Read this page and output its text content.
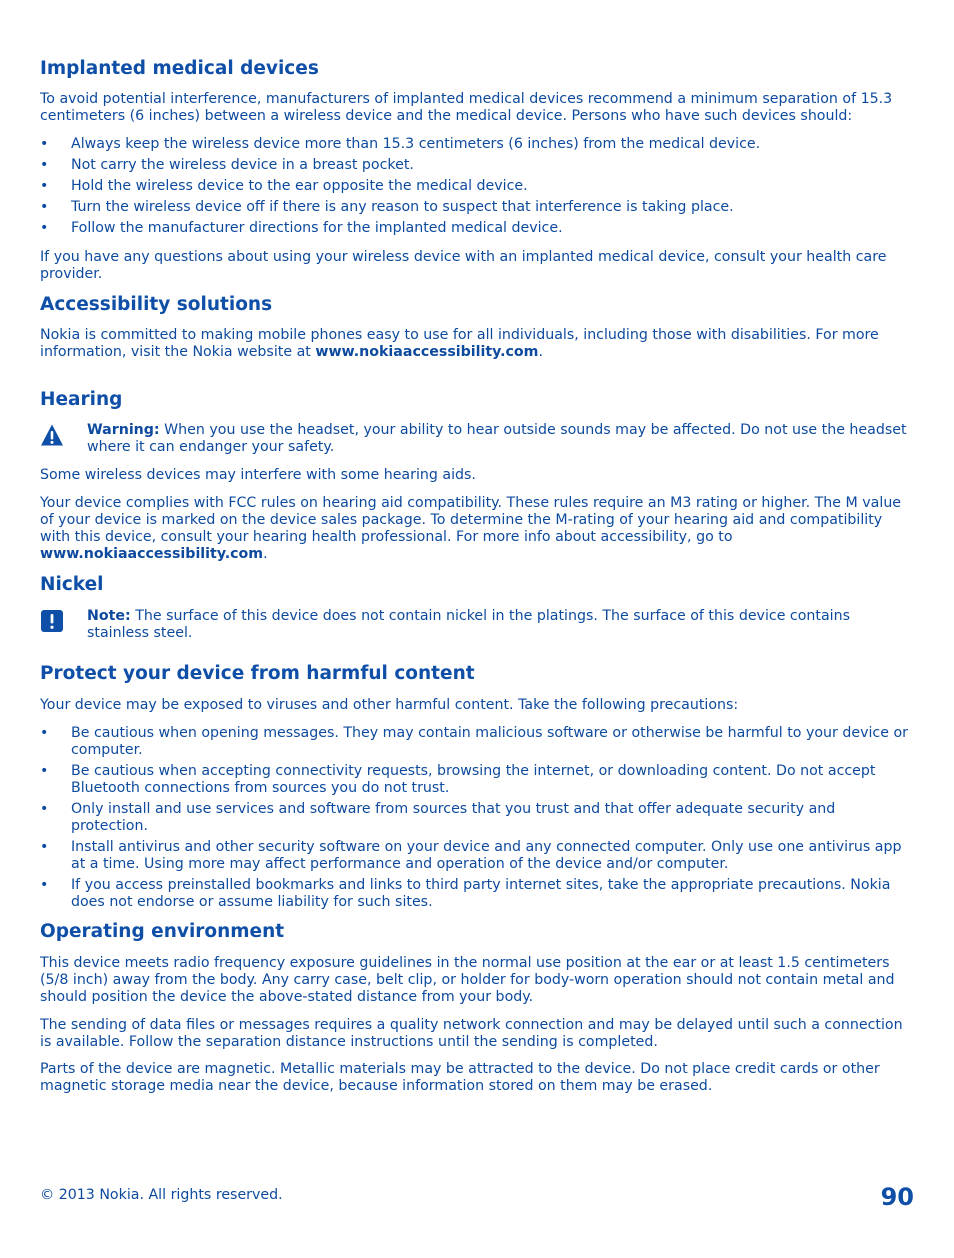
Implanted medical devices

To avoid potential interference, manufacturers of implanted medical devices recommend a minimum separation of 15.3 centimeters (6 inches) between a wireless device and the medical device. Persons who have such devices should:

• Always keep the wireless device more than 15.3 centimeters (6 inches) from the medical device.
• Not carry the wireless device in a breast pocket.
• Hold the wireless device to the ear opposite the medical device.
• Turn the wireless device off if there is any reason to suspect that interference is taking place.
• Follow the manufacturer directions for the implanted medical device.

If you have any questions about using your wireless device with an implanted medical device, consult your health care provider.

Accessibility solutions

Nokia is committed to making mobile phones easy to use for all individuals, including those with disabilities. For more information, visit the Nokia website at www.nokiaaccessibility.com.

Hearing
Warning: When you use the headset, your ability to hear outside sounds may be affected. Do not use the headset where it can endanger your safety.

Some wireless devices may interfere with some hearing aids.

Your device complies with FCC rules on hearing aid compatibility. These rules require an M3 rating or higher. The M value of your device is marked on the device sales package. To determine the M-rating of your hearing aid and compatibility with this device, consult your hearing health professional. For more info about accessibility, go to www.nokiaaccessibility.com.

Nickel
Note: The surface of this device does not contain nickel in the platings. The surface of this device contains stainless steel.
Protect your device from harmful content

Your device may be exposed to viruses and other harmful content. Take the following precautions:

• Be cautious when opening messages. They may contain malicious software or otherwise be harmful to your device or computer.
• Be cautious when accepting connectivity requests, browsing the internet, or downloading content. Do not accept Bluetooth connections from sources you do not trust.
• Only install and use services and software from sources that you trust and that offer adequate security and protection.
• Install antivirus and other security software on your device and any connected computer. Only use one antivirus app at a time. Using more may affect performance and operation of the device and/or computer.
• If you access preinstalled bookmarks and links to third party internet sites, take the appropriate precautions. Nokia does not endorse or assume liability for such sites.
Operating environment

This device meets radio frequency exposure guidelines in the normal use position at the ear or at least 1.5 centimeters (5/8 inch) away from the body. Any carry case, belt clip, or holder for body-worn operation should not contain metal and should position the device the above-stated distance from your body.

The sending of data files or messages requires a quality network connection and may be delayed until such a connection is available. Follow the separation distance instructions until the sending is completed.

Parts of the device are magnetic. Metallic materials may be attracted to the device. Do not place credit cards or other magnetic storage media near the device, because information stored on them may be erased.

© 2013 Nokia. All rights reserved.	90
